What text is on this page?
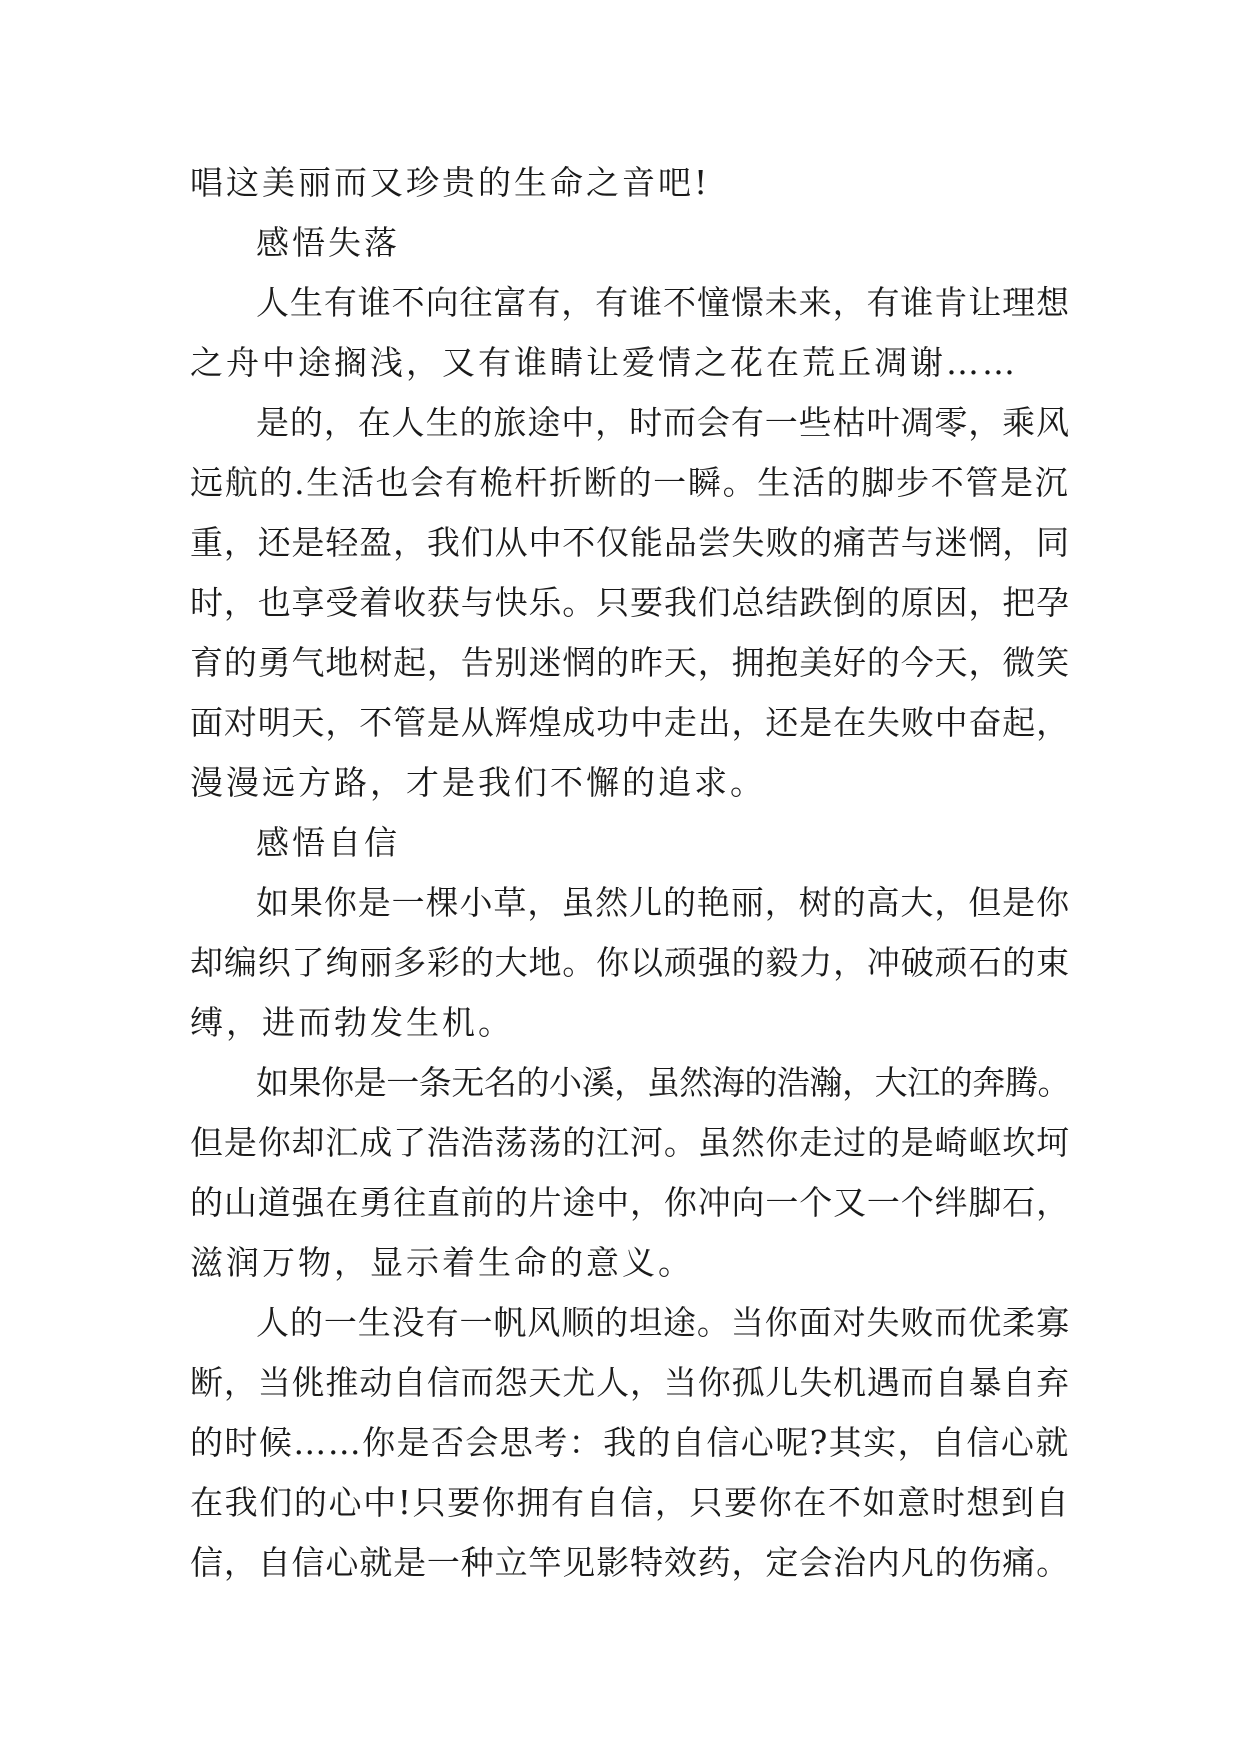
唱这美丽而又珍贵的生命之音吧!
感悟失落
人生有谁不向往富有，有谁不憧憬未来，有谁肯让理想
之舟中途搁浅，又有谁睛让爱情之花在荒丘凋谢……
是的，在人生的旅途中，时而会有一些枯叶凋零，乘风
远航的.生活也会有桅杆折断的一瞬。生活的脚步不管是沉
重，还是轻盈，我们从中不仅能品尝失败的痛苦与迷惘，同
时，也享受着收获与快乐。只要我们总结跌倒的原因，把孕
育的勇气地树起，告别迷惘的昨天，拥抱美好的今天，微笑
面对明天，不管是从辉煌成功中走出，还是在失败中奋起，
漫漫远方路，才是我们不懈的追求。
感悟自信
如果你是一棵小草，虽然儿的艳丽，树的高大，但是你
却编织了绚丽多彩的大地。你以顽强的毅力，冲破顽石的束
缚，进而勃发生机。
如果你是一条无名的小溪，虽然海的浩瀚，大江的奔腾。
但是你却汇成了浩浩荡荡的江河。虽然你走过的是崎岖坎坷
的山道强在勇往直前的片途中，你冲向一个又一个绊脚石，
滋润万物，显示着生命的意义。
人的一生没有一帆风顺的坦途。当你面对失败而优柔寡
断，当佻推动自信而怨天尤人，当你孤儿失机遇而自暴自弃
的时候……你是否会思考：我的自信心呢?其实，自信心就
在我们的心中!只要你拥有自信，只要你在不如意时想到自
信，自信心就是一种立竿见影特效药，定会治内凡的伤痛。
